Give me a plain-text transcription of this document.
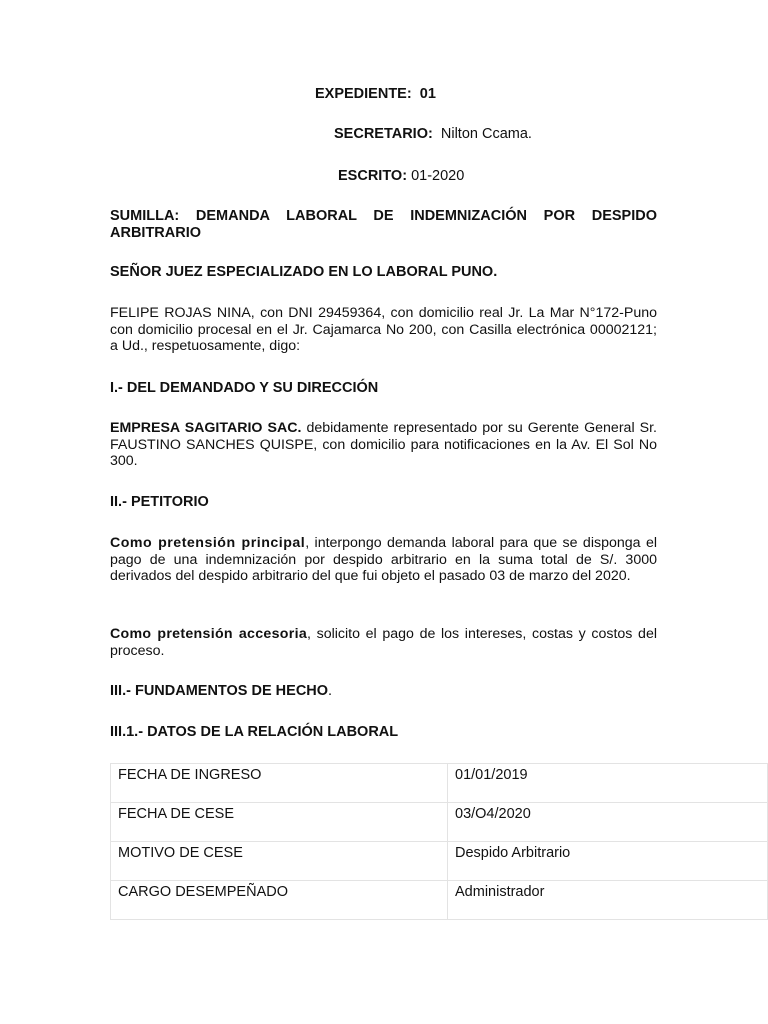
EXPEDIENTE: 01
SECRETARIO: Nilton Ccama.
ESCRITO: 01-2020
SUMILLA: DEMANDA LABORAL DE INDEMNIZACIÓN POR DESPIDO
ARBITRARIO
SEÑOR JUEZ ESPECIALIZADO EN LO LABORAL PUNO.
FELIPE ROJAS NINA, con DNI 29459364, con domicilio real Jr. La Mar N°172-Puno con domicilio procesal en el Jr. Cajamarca No 200, con Casilla electrónica 00002121; a Ud., respetuosamente, digo:
I.- DEL DEMANDADO Y SU DIRECCIÓN
EMPRESA SAGITARIO SAC. debidamente representado por su Gerente General Sr. FAUSTINO SANCHES QUISPE, con domicilio para notificaciones en la Av. El Sol No 300.
II.- PETITORIO
Como pretensión principal, interpongo demanda laboral para que se disponga el pago de una indemnización por despido arbitrario en la suma total de S/. 3000 derivados del despido arbitrario del que fui objeto el pasado 03 de marzo del 2020.
Como pretensión accesoria, solicito el pago de los intereses, costas y costos del proceso.
III.- FUNDAMENTOS DE HECHO.
III.1.- DATOS DE LA RELACIÓN LABORAL
FECHA DE INGRESO	01/01/2019
FECHA DE CESE	03/O4/2020
MOTIVO DE CESE	Despido Arbitrario
CARGO DESEMPEÑADO	Administrador
